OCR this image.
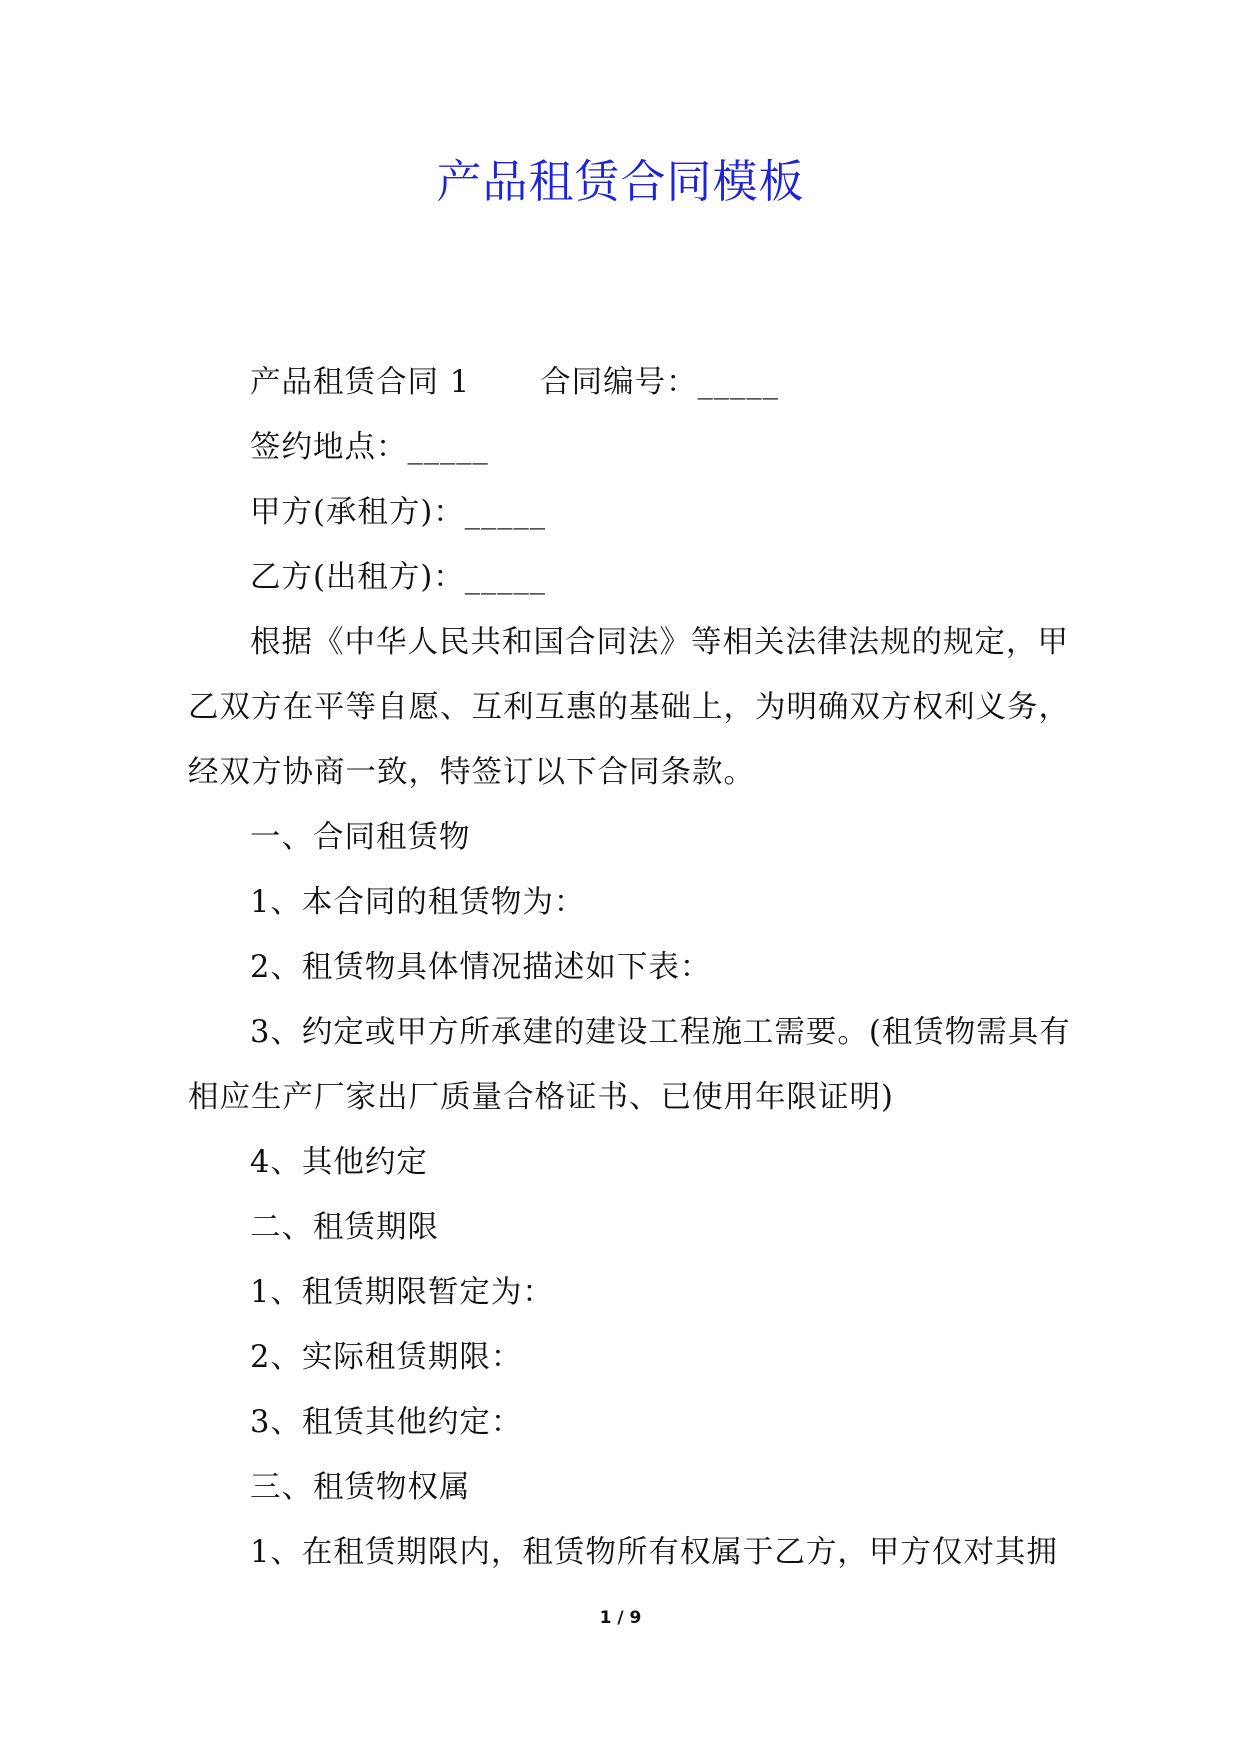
产品租赁合同模板
产品租赁合同 1 合同编号：_____
签约地点：_____
甲方(承租方)：_____
乙方(出租方)：_____
根据《中华人民共和国合同法》等相关法律法规的规定，甲
乙双方在平等自愿、互利互惠的基础上，为明确双方权利义务，
经双方协商一致，特签订以下合同条款。
一、合同租赁物
1、本合同的租赁物为：
2、租赁物具体情况描述如下表：
3、约定或甲方所承建的建设工程施工需要。(租赁物需具有
相应生产厂家出厂质量合格证书、已使用年限证明)
4、其他约定
二、租赁期限
1、租赁期限暂定为：
2、实际租赁期限：
3、租赁其他约定：
三、租赁物权属
1、在租赁期限内，租赁物所有权属于乙方，甲方仅对其拥
1 / 9
